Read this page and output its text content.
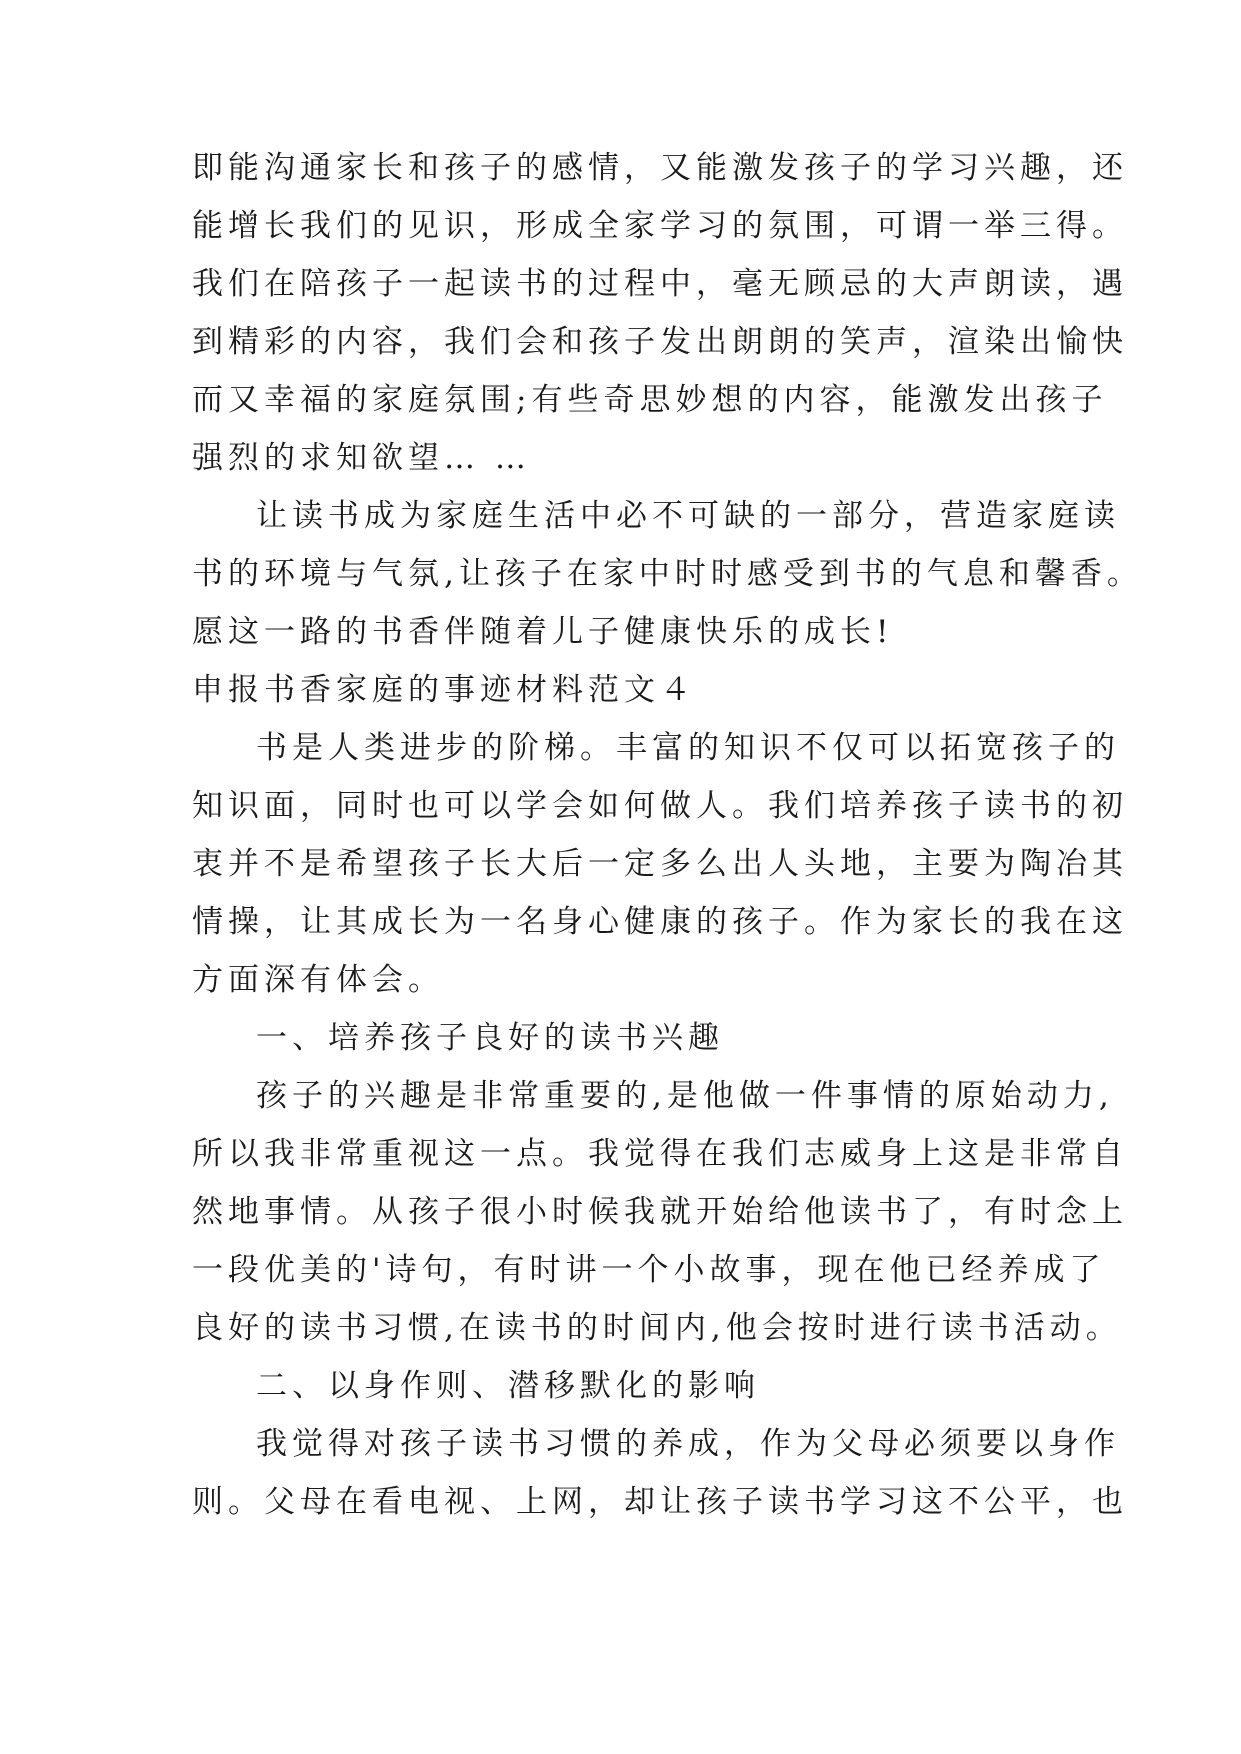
即能沟通家长和孩子的感情，又能激发孩子的学习兴趣，还
能增长我们的见识，形成全家学习的氛围，可谓一举三得。
我们在陪孩子一起读书的过程中，毫无顾忌的大声朗读，遇
到精彩的内容，我们会和孩子发出朗朗的笑声，渲染出愉快
而又幸福的家庭氛围;有些奇思妙想的内容，能激发出孩子
强烈的求知欲望… …
让读书成为家庭生活中必不可缺的一部分，营造家庭读
书的环境与气氛,让孩子在家中时时感受到书的气息和馨香。
愿这一路的书香伴随着儿子健康快乐的成长!
申报书香家庭的事迹材料范文４
书是人类进步的阶梯。丰富的知识不仅可以拓宽孩子的
知识面，同时也可以学会如何做人。我们培养孩子读书的初
衷并不是希望孩子长大后一定多么出人头地，主要为陶冶其
情操，让其成长为一名身心健康的孩子。作为家长的我在这
方面深有体会。
一、培养孩子良好的读书兴趣
孩子的兴趣是非常重要的,是他做一件事情的原始动力,
所以我非常重视这一点。我觉得在我们志威身上这是非常自
然地事情。从孩子很小时候我就开始给他读书了，有时念上
一段优美的'诗句，有时讲一个小故事，现在他已经养成了
良好的读书习惯,在读书的时间内,他会按时进行读书活动。
二、以身作则、潜移默化的影响
我觉得对孩子读书习惯的养成，作为父母必须要以身作
则。父母在看电视、上网，却让孩子读书学习这不公平，也
